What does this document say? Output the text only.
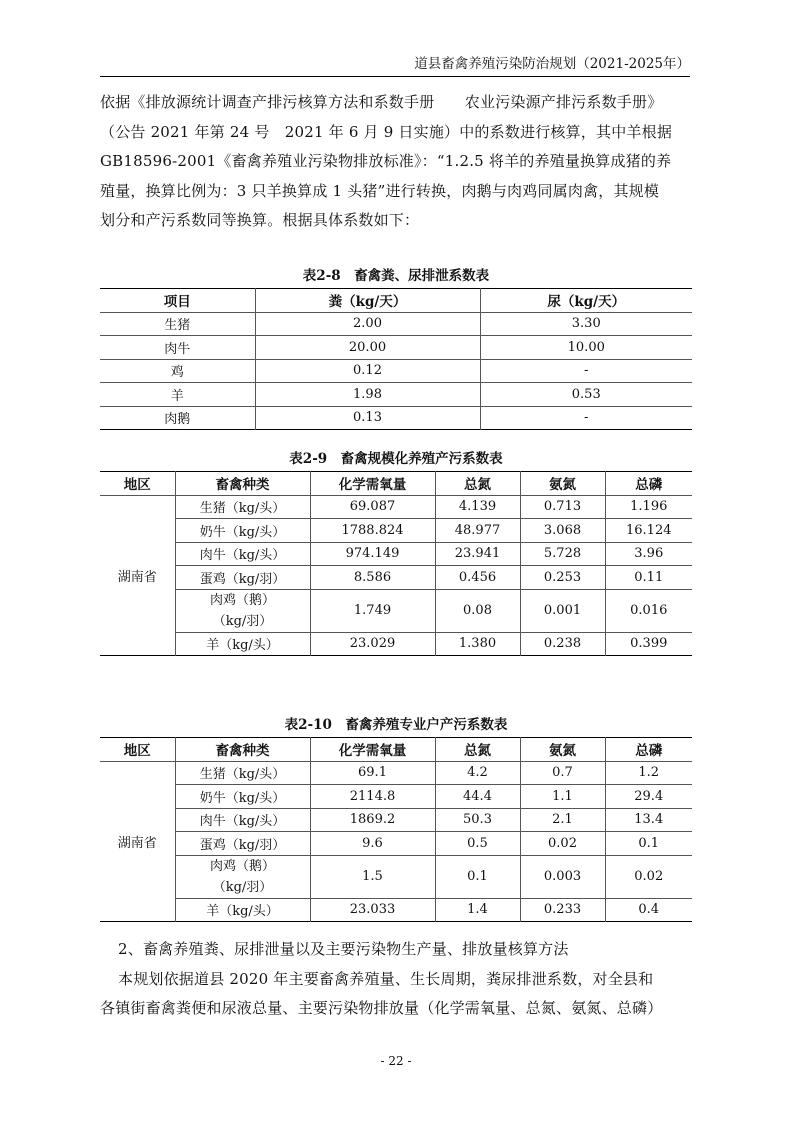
道县畜禽养殖污染防治规划（2021-2025年）
依据《排放源统计调查产排污核算方法和系数手册　　农业污染源产排污系数手册》
（公告 2021 年第 24 号　2021 年 6 月 9 日实施）中的系数进行核算，其中羊根据
GB18596-2001《畜禽养殖业污染物排放标准》：“1.2.5 将羊的养殖量换算成猪的养
殖量，换算比例为：3 只羊换算成 1 头猪”进行转换，肉鹅与肉鸡同属肉禽，其规模
划分和产污系数同等换算。根据具体系数如下：
表2-8　畜禽粪、尿排泄系数表
项目	粪（kg/天）	尿（kg/天）
生猪	2.00	3.30
肉牛	20.00	10.00
鸡	0.12	-
羊	1.98	0.53
肉鹅	0.13	-
表2-9　畜禽规模化养殖产污系数表
地区	畜禽种类	化学需氧量	总氮	氨氮	总磷
湖南省	生猪（kg/头）	69.087	4.139	0.713	1.196
	奶牛（kg/头）	1788.824	48.977	3.068	16.124
	肉牛（kg/头）	974.149	23.941	5.728	3.96
	蛋鸡（kg/羽）	8.586	0.456	0.253	0.11

	肉鸡（鹅）
（kg/羽）	1.749	0.08	0.001	0.016
	羊（kg/头）	23.029	1.380	0.238	0.399
表2-10　畜禽养殖专业户产污系数表
地区	畜禽种类	化学需氧量	总氮	氨氮	总磷
湖南省	生猪（kg/头）	69.1	4.2	0.7	1.2
	奶牛（kg/头）	2114.8	44.4	1.1	29.4
	肉牛（kg/头）	1869.2	50.3	2.1	13.4
	蛋鸡（kg/羽）	9.6	0.5	0.02	0.1

	肉鸡（鹅）
（kg/羽）	1.5	0.1	0.003	0.02
	羊（kg/头）	23.033	1.4	0.233	0.4
2、畜禽养殖粪、尿排泄量以及主要污染物生产量、排放量核算方法
本规划依据道县 2020 年主要畜禽养殖量、生长周期，粪尿排泄系数，对全县和
各镇街畜禽粪便和尿液总量、主要污染物排放量（化学需氧量、总氮、氨氮、总磷）
- 22 -
